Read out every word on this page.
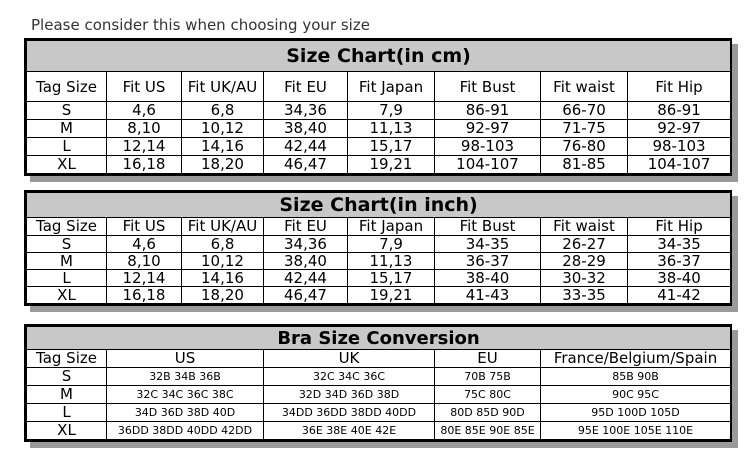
Please consider this when choosing your size
Size Chart(in cm)							
Tag Size	Fit US	Fit UK/AU	Fit EU	Fit Japan	Fit Bust	Fit waist	Fit Hip
S	4,6	6,8	34,36	7,9	86-91	66-70	86-91
M	8,10	10,12	38,40	11,13	92-97	71-75	92-97
L	12,14	14,16	42,44	15,17	98-103	76-80	98-103
XL	16,18	18,20	46,47	19,21	104-107	81-85	104-107
Size Chart(in inch)							
Tag Size	Fit US	Fit UK/AU	Fit EU	Fit Japan	Fit Bust	Fit waist	Fit Hip
S	4,6	6,8	34,36	7,9	34-35	26-27	34-35
M	8,10	10,12	38,40	11,13	36-37	28-29	36-37
L	12,14	14,16	42,44	15,17	38-40	30-32	38-40
XL	16,18	18,20	46,47	19,21	41-43	33-35	41-42
Bra Size Conversion				
Tag Size	US	UK	EU	France/Belgium/Spain
S	32B 34B 36B	32C 34C 36C	70B 75B	85B 90B
M	32C 34C 36C 38C	32D 34D 36D 38D	75C 80C	90C 95C
L	34D 36D 38D 40D	34DD 36DD 38DD 40DD	80D 85D 90D	95D 100D 105D
XL	36DD 38DD 40DD 42DD	36E 38E 40E 42E	80E 85E 90E 85E	95E 100E 105E 110E
